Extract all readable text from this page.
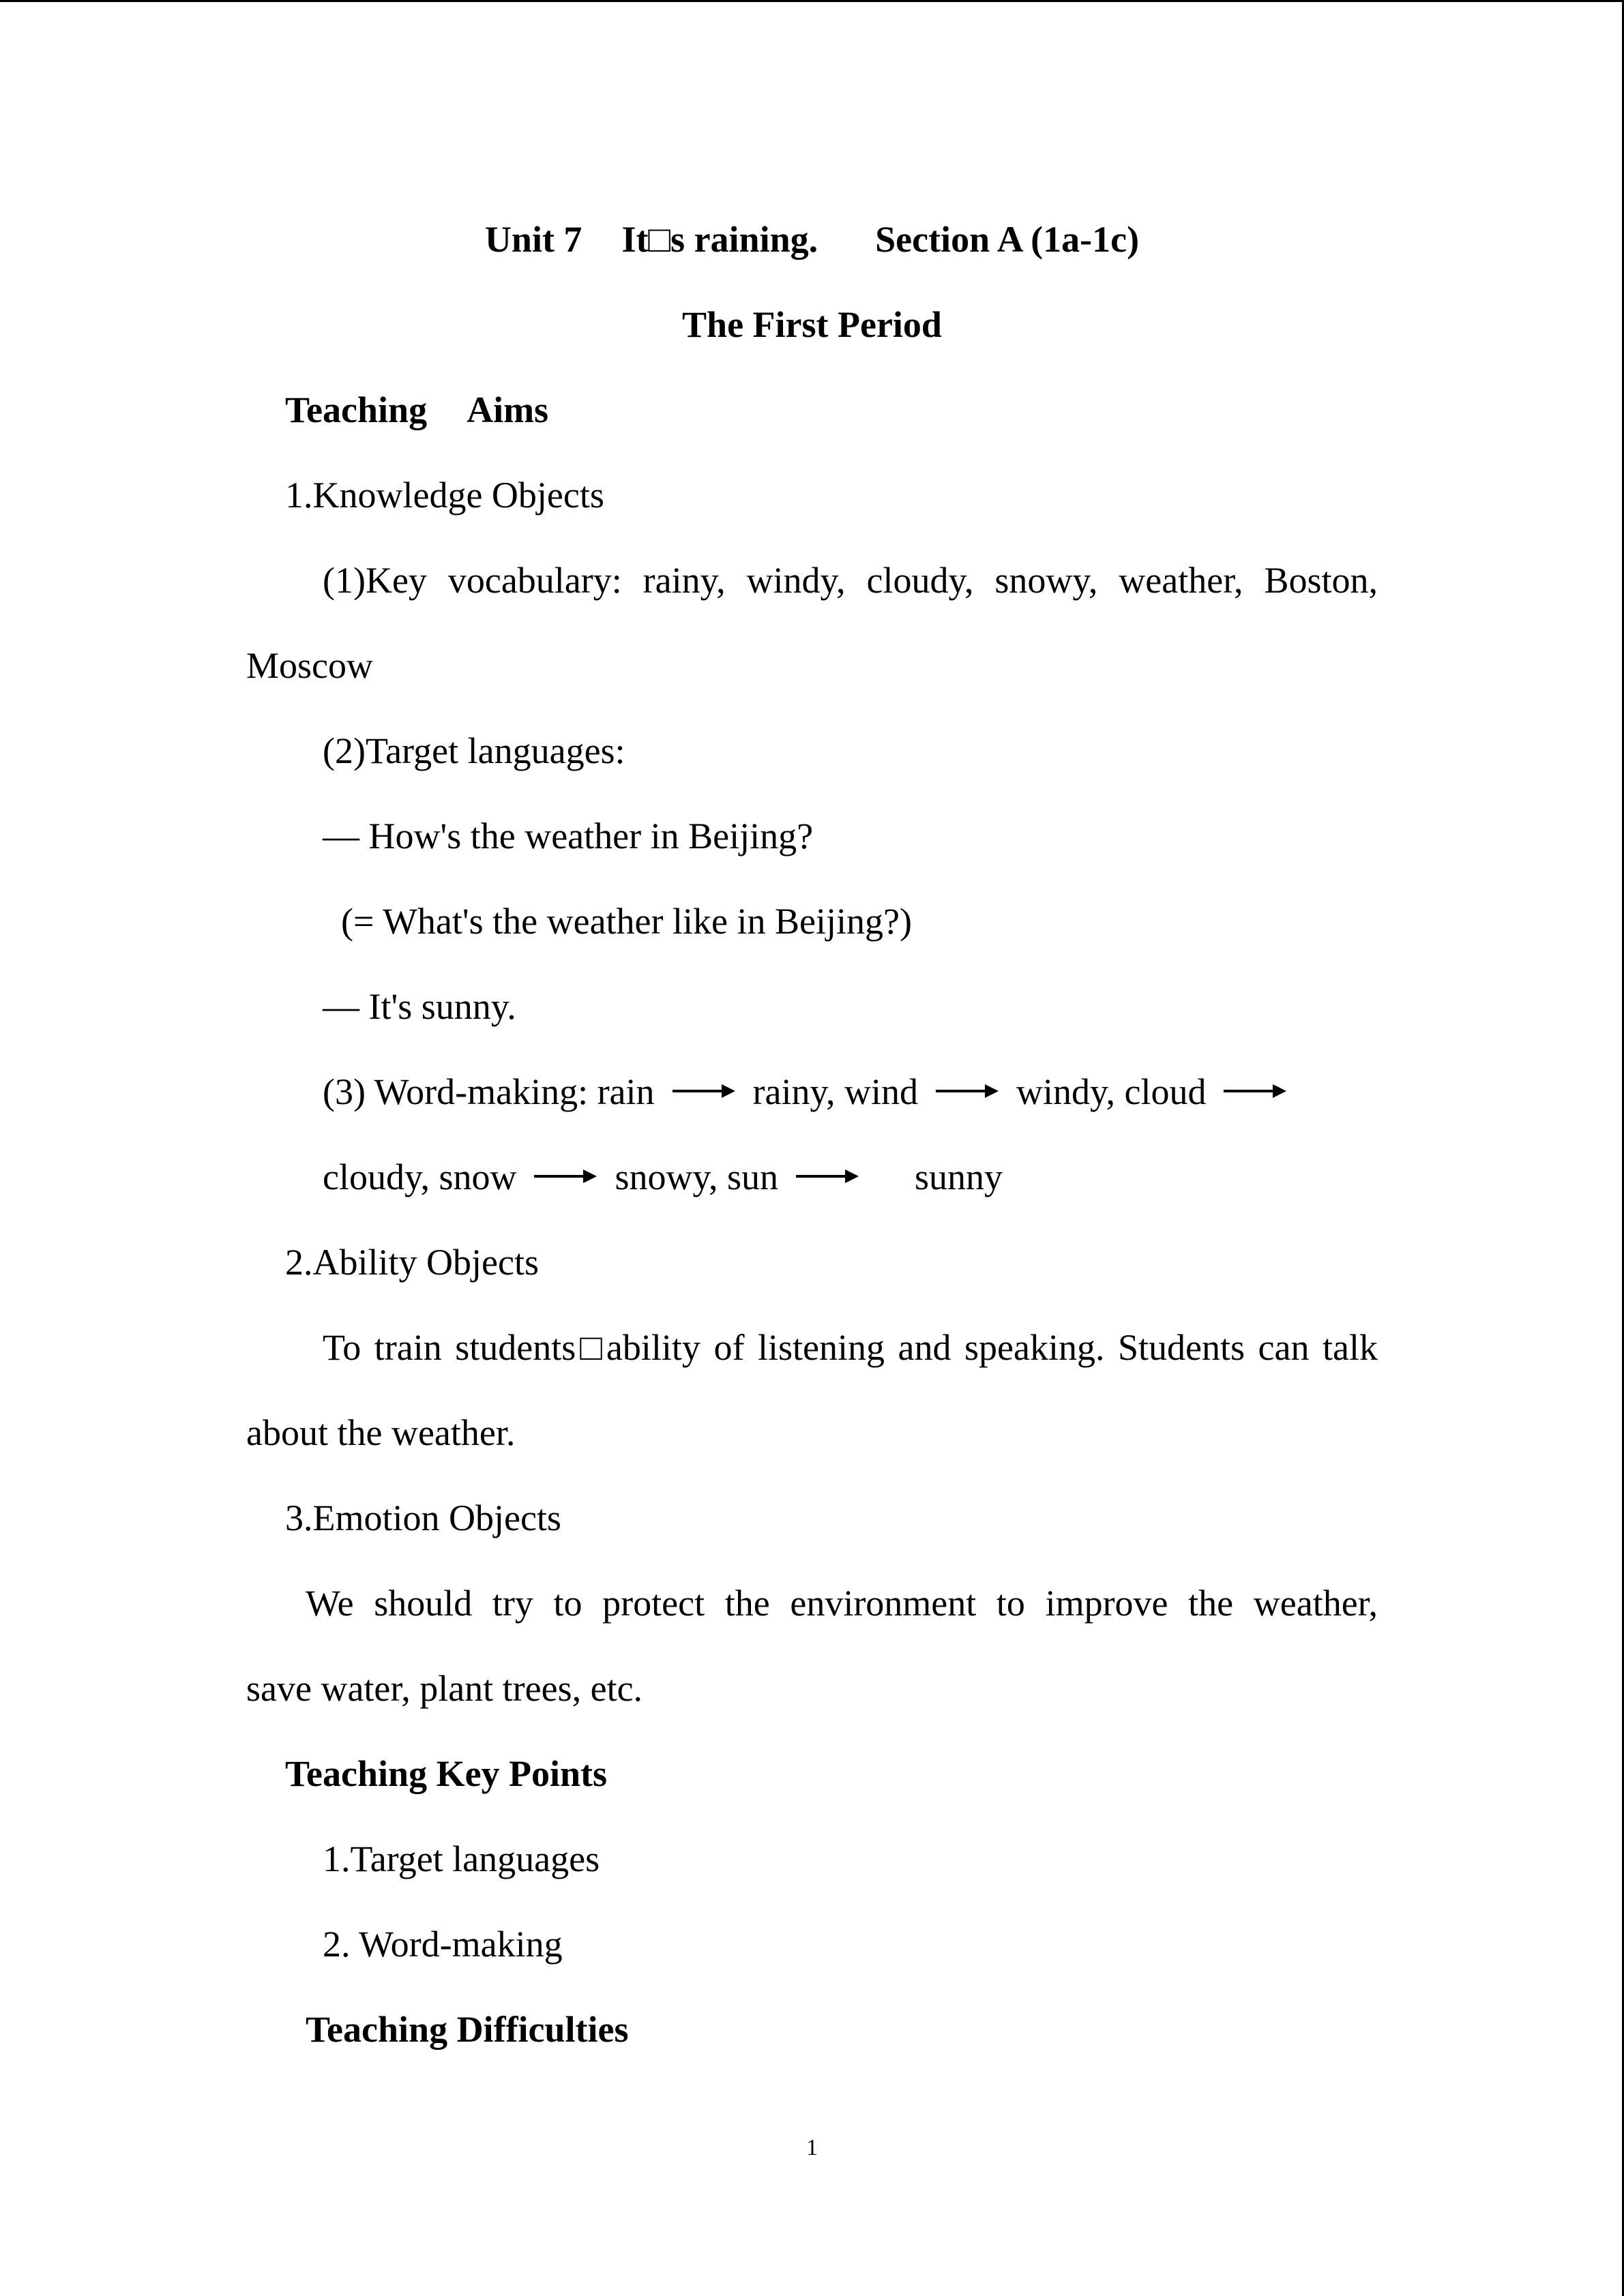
Unit 7 It□s raining. Section A (1a-1c)
The First Period
Teaching Aims
1.Knowledge Objects
(1)Key vocabulary: rainy, windy, cloudy, snowy, weather, Boston,
Moscow
(2)Target languages:
— How's the weather in Beijing?
(= What's the weather like in Beijing?)
— It's sunny.
(3) Word-making: rain	rainy, wind	windy, cloud
cloudy, snow	snowy, sun	sunny
2.Ability Objects
To train students□ability of listening and speaking. Students can talk
about the weather.
3.Emotion Objects
We should try to protect the environment to improve the weather,
save water, plant trees, etc.
Teaching Key Points
1.Target languages
2. Word-making
Teaching Difficulties
1
